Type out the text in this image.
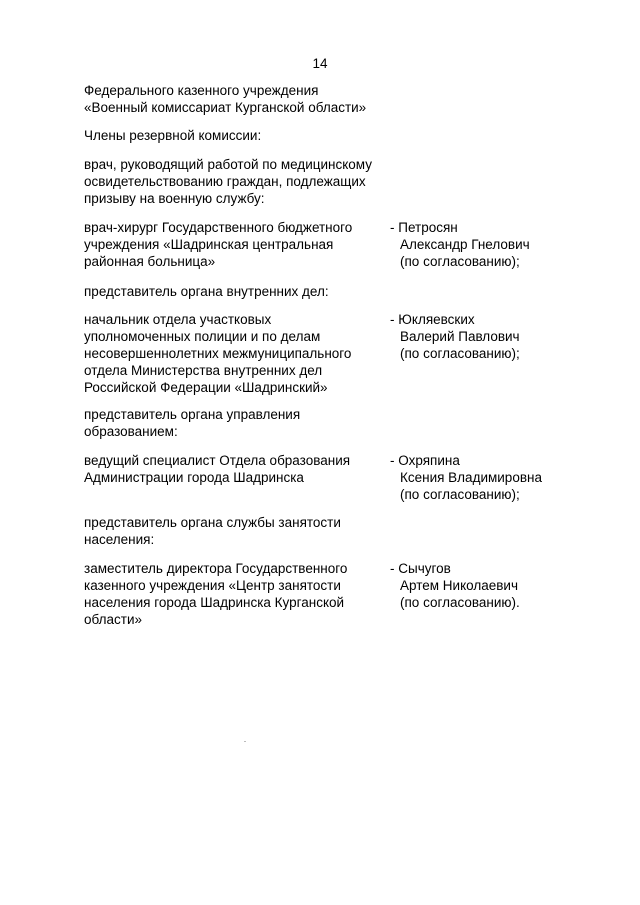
14
Федерального казенного учреждения
«Военный комиссариат Курганской области»
Члены резервной комиссии:
врач, руководящий работой по медицинскому
освидетельствованию граждан, подлежащих
призыву на военную службу:
врач-хирург Государственного бюджетного
учреждения «Шадринская центральная
районная больница»
- Петросян
Александр Гнелович
(по согласованию);
представитель органа внутренних дел:
начальник отдела участковых
уполномоченных полиции и по делам
несовершеннолетних межмуниципального
отдела Министерства внутренних дел
Российской Федерации «Шадринский»
- Юкляевских
Валерий Павлович
(по согласованию);
представитель органа управления
образованием:
ведущий специалист Отдела образования
Администрации города Шадринска
- Охряпина
Ксения Владимировна
(по согласованию);
представитель органа службы занятости
населения:
заместитель директора Государственного
казенного учреждения «Центр занятости
населения города Шадринска Курганской
области»
- Сычугов
Артем Николаевич
(по согласованию).
